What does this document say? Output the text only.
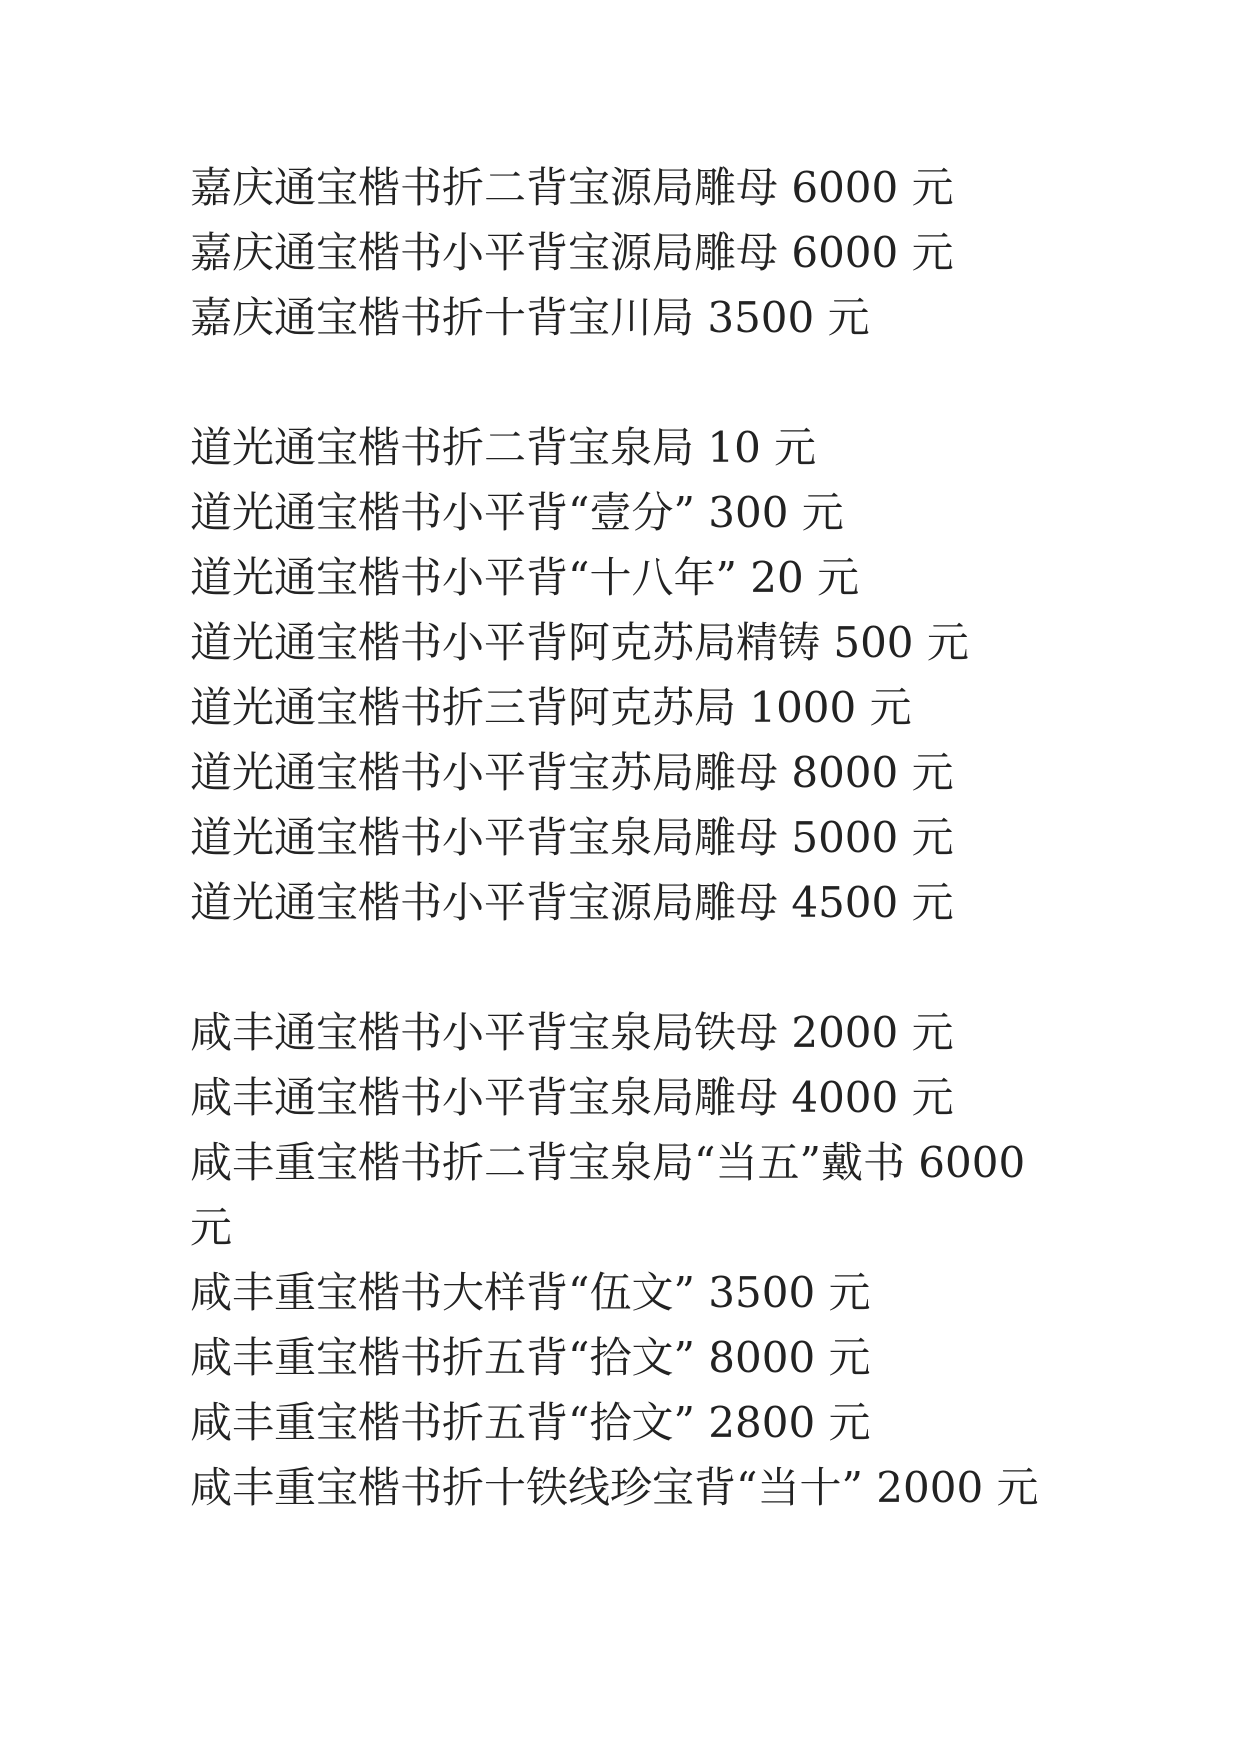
嘉庆通宝楷书折二背宝源局雕母 6000 元
嘉庆通宝楷书小平背宝源局雕母 6000 元
嘉庆通宝楷书折十背宝川局 3500 元
道光通宝楷书折二背宝泉局 10 元
道光通宝楷书小平背“壹分” 300 元
道光通宝楷书小平背“十八年” 20 元
道光通宝楷书小平背阿克苏局精铸 500 元
道光通宝楷书折三背阿克苏局 1000 元
道光通宝楷书小平背宝苏局雕母 8000 元
道光通宝楷书小平背宝泉局雕母 5000 元
道光通宝楷书小平背宝源局雕母 4500 元
咸丰通宝楷书小平背宝泉局铁母 2000 元
咸丰通宝楷书小平背宝泉局雕母 4000 元
咸丰重宝楷书折二背宝泉局“当五”戴书 6000 元
咸丰重宝楷书大样背“伍文” 3500 元
咸丰重宝楷书折五背“拾文” 8000 元
咸丰重宝楷书折五背“拾文” 2800 元
咸丰重宝楷书折十铁线珍宝背“当十” 2000 元
